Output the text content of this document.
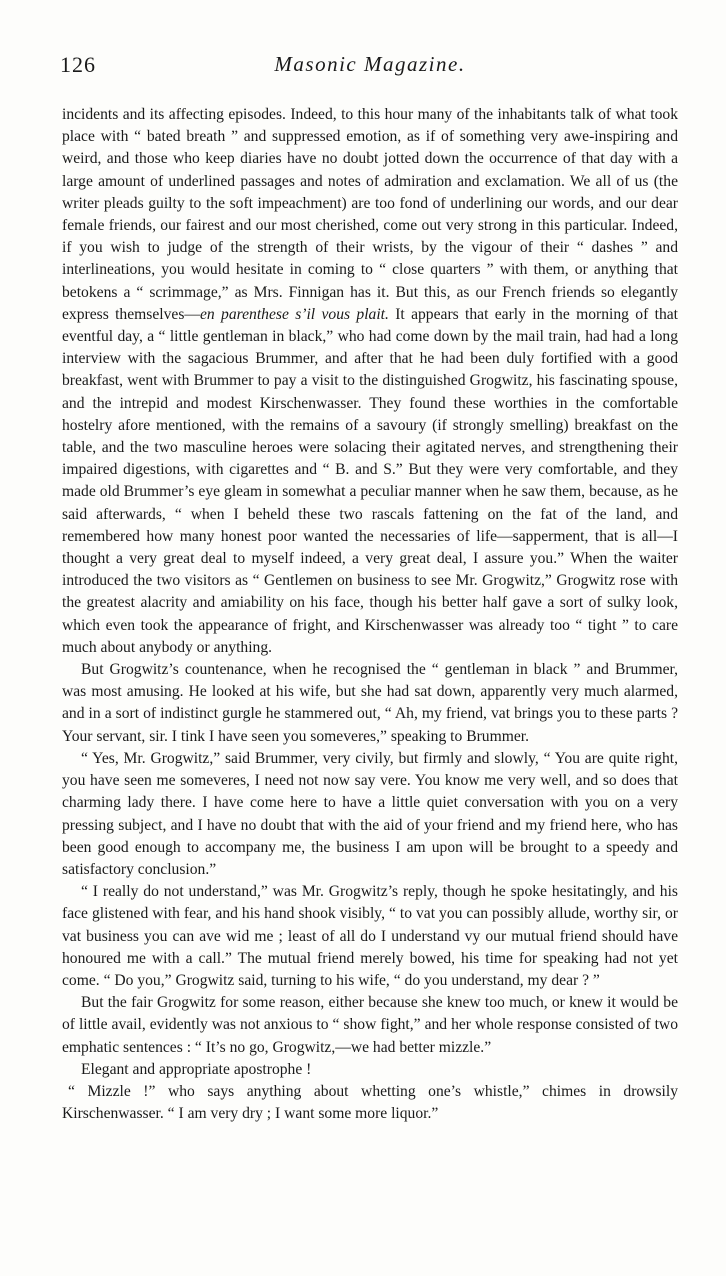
126	Masonic Magazine.

incidents and its affecting episodes. Indeed, to this hour many of the inhabitants talk of what took place with “ bated breath ” and suppressed emotion, as if of something very awe-inspiring and weird, and those who keep diaries have no doubt jotted down the occurrence of that day with a large amount of underlined passages and notes of admiration and exclamation. We all of us (the writer pleads guilty to the soft impeachment) are too fond of underlining our words, and our dear female friends, our fairest and our most cherished, come out very strong in this particular. Indeed, if you wish to judge of the strength of their wrists, by the vigour of their “ dashes ” and interlineations, you would hesitate in coming to “ close quarters ” with them, or anything that betokens a “ scrimmage,” as Mrs. Finnigan has it. But this, as our French friends so elegantly express themselves—en parenthese s’il vous plait. It appears that early in the morning of that eventful day, a “ little gentleman in black,” who had come down by the mail train, had had a long interview with the sagacious Brummer, and after that he had been duly fortified with a good breakfast, went with Brummer to pay a visit to the distinguished Grogwitz, his fascinating spouse, and the intrepid and modest Kirschenwasser. They found these worthies in the comfortable hostelry afore mentioned, with the remains of a savoury (if strongly smelling) breakfast on the table, and the two masculine heroes were solacing their agitated nerves, and strengthening their impaired digestions, with cigarettes and “ B. and S.” But they were very comfortable, and they made old Brummer’s eye gleam in somewhat a peculiar manner when he saw them, because, as he said afterwards, “ when I beheld these two rascals fattening on the fat of the land, and remembered how many honest poor wanted the necessaries of life—sapperment, that is all—I thought a very great deal to myself indeed, a very great deal, I assure you.” When the waiter introduced the two visitors as “ Gentlemen on business to see Mr. Grogwitz,” Grogwitz rose with the greatest alacrity and amiability on his face, though his better half gave a sort of sulky look, which even took the appearance of fright, and Kirschenwasser was already too “ tight ” to care much about anybody or anything.

But Grogwitz’s countenance, when he recognised the “ gentleman in black ” and Brummer, was most amusing. He looked at his wife, but she had sat down, apparently very much alarmed, and in a sort of indistinct gurgle he stammered out, “ Ah, my friend, vat brings you to these parts ? Your servant, sir. I tink I have seen you someveres,” speaking to Brummer.

“ Yes, Mr. Grogwitz,” said Brummer, very civily, but firmly and slowly, “ You are quite right, you have seen me someveres, I need not now say vere. You know me very well, and so does that charming lady there. I have come here to have a little quiet conversation with you on a very pressing subject, and I have no doubt that with the aid of your friend and my friend here, who has been good enough to accompany me, the business I am upon will be brought to a speedy and satisfactory conclusion.”

“ I really do not understand,” was Mr. Grogwitz’s reply, though he spoke hesitatingly, and his face glistened with fear, and his hand shook visibly, “ to vat you can possibly allude, worthy sir, or vat business you can ave wid me ; least of all do I understand vy our mutual friend should have honoured me with a call.” The mutual friend merely bowed, his time for speaking had not yet come. “ Do you,” Grogwitz said, turning to his wife, “ do you understand, my dear ? ”

But the fair Grogwitz for some reason, either because she knew too much, or knew it would be of little avail, evidently was not anxious to “ show fight,” and her whole response consisted of two emphatic sentences : “ It’s no go, Grogwitz,—we had better mizzle.”

Elegant and appropriate apostrophe !

“ Mizzle !” who says anything about whetting one’s whistle,” chimes in drowsily Kirschenwasser. “ I am very dry ; I want some more liquor.”
